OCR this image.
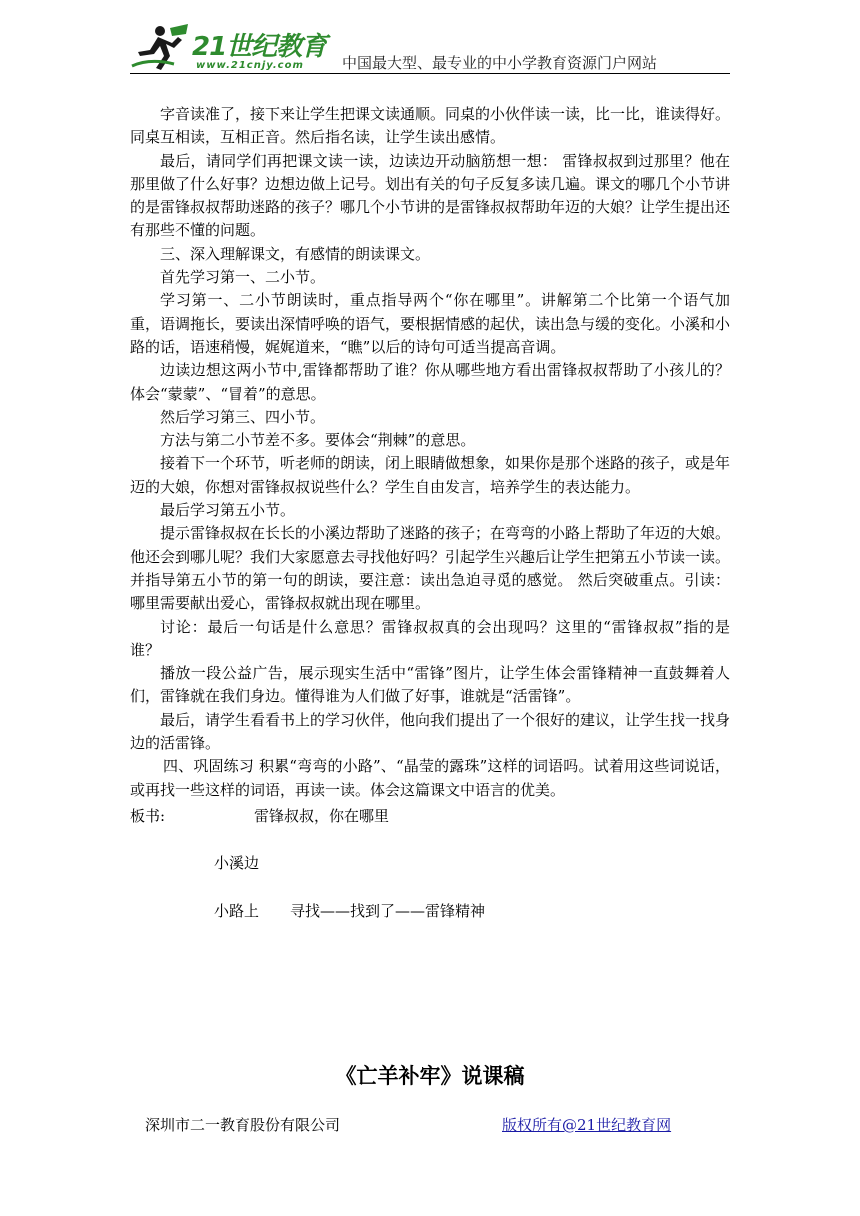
21世纪教育
www.21cnjy.com	中国最大型、最专业的中小学教育资源门户网站

字音读准了，接下来让学生把课文读通顺。同桌的小伙伴读一读，比一比，谁读得好。同桌互相读，互相正音。然后指名读，让学生读出感情。

最后，请同学们再把课文读一读，边读边开动脑筋想一想： 雷锋叔叔到过那里？他在那里做了什么好事？边想边做上记号。划出有关的句子反复多读几遍。课文的哪几个小节讲的是雷锋叔叔帮助迷路的孩子？哪几个小节讲的是雷锋叔叔帮助年迈的大娘？让学生提出还有那些不懂的问题。

三、深入理解课文，有感情的朗读课文。

首先学习第一、二小节。

学习第一、二小节朗读时，重点指导两个“你在哪里”。讲解第二个比第一个语气加重，语调拖长，要读出深情呼唤的语气，要根据情感的起伏，读出急与缓的变化。小溪和小路的话，语速稍慢，娓娓道来，“瞧”以后的诗句可适当提高音调。

边读边想这两小节中,雷锋都帮助了谁？你从哪些地方看出雷锋叔叔帮助了小孩儿的？体会“蒙蒙”、“冒着”的意思。

然后学习第三、四小节。

方法与第二小节差不多。要体会“荆棘”的意思。

接着下一个环节，听老师的朗读，闭上眼睛做想象，如果你是那个迷路的孩子，或是年迈的大娘，你想对雷锋叔叔说些什么？学生自由发言，培养学生的表达能力。

最后学习第五小节。

提示雷锋叔叔在长长的小溪边帮助了迷路的孩子；在弯弯的小路上帮助了年迈的大娘。他还会到哪儿呢？我们大家愿意去寻找他好吗？引起学生兴趣后让学生把第五小节读一读。并指导第五小节的第一句的朗读，要注意：读出急迫寻觅的感觉。 然后突破重点。引读：哪里需要献出爱心，雷锋叔叔就出现在哪里。

讨论：最后一句话是什么意思？雷锋叔叔真的会出现吗？这里的“雷锋叔叔”指的是谁？

播放一段公益广告，展示现实生活中“雷锋”图片，让学生体会雷锋精神一直鼓舞着人们，雷锋就在我们身边。懂得谁为人们做了好事，谁就是“活雷锋”。

最后，请学生看看书上的学习伙伴，他向我们提出了一个很好的建议，让学生找一找身边的活雷锋。

四、巩固练习 积累“弯弯的小路”、“晶莹的露珠”这样的词语吗。试着用这些词说话，或再找一些这样的词语，再读一读。体会这篇课文中语言的优美。

板书:	雷锋叔叔，你在哪里
小溪边
小路上 寻找——找到了——雷锋精神
《亡羊补牢》说课稿
深圳市二一教育股份有限公司	版权所有@21世纪教育网
